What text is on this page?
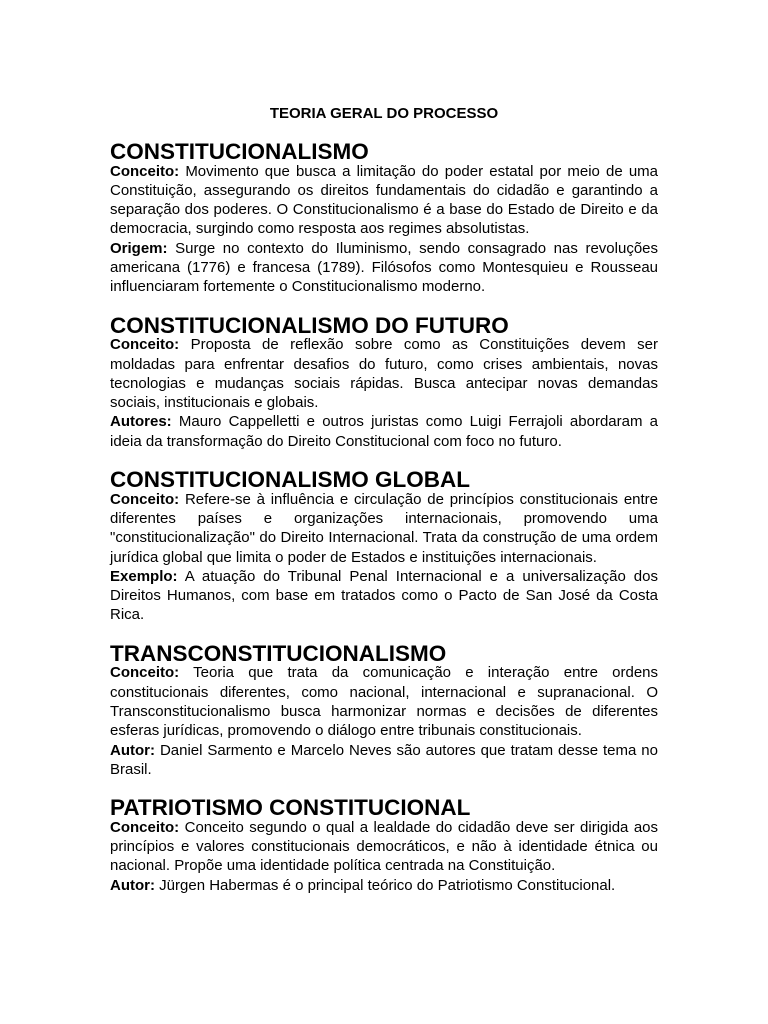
TEORIA GERAL DO PROCESSO
CONSTITUCIONALISMO

Conceito: Movimento que busca a limitação do poder estatal por meio de uma Constituição, assegurando os direitos fundamentais do cidadão e garantindo a separação dos poderes. O Constitucionalismo é a base do Estado de Direito e da democracia, surgindo como resposta aos regimes absolutistas.

Origem: Surge no contexto do Iluminismo, sendo consagrado nas revoluções americana (1776) e francesa (1789). Filósofos como Montesquieu e Rousseau influenciaram fortemente o Constitucionalismo moderno.

CONSTITUCIONALISMO DO FUTURO

Conceito: Proposta de reflexão sobre como as Constituições devem ser moldadas para enfrentar desafios do futuro, como crises ambientais, novas tecnologias e mudanças sociais rápidas. Busca antecipar novas demandas sociais, institucionais e globais.

Autores: Mauro Cappelletti e outros juristas como Luigi Ferrajoli abordaram a ideia da transformação do Direito Constitucional com foco no futuro.

CONSTITUCIONALISMO GLOBAL

Conceito: Refere-se à influência e circulação de princípios constitucionais entre diferentes países e organizações internacionais, promovendo uma "constitucionalização" do Direito Internacional. Trata da construção de uma ordem jurídica global que limita o poder de Estados e instituições internacionais.

Exemplo: A atuação do Tribunal Penal Internacional e a universalização dos Direitos Humanos, com base em tratados como o Pacto de San José da Costa Rica.

TRANSCONSTITUCIONALISMO

Conceito: Teoria que trata da comunicação e interação entre ordens constitucionais diferentes, como nacional, internacional e supranacional. O Transconstitucionalismo busca harmonizar normas e decisões de diferentes esferas jurídicas, promovendo o diálogo entre tribunais constitucionais.

Autor: Daniel Sarmento e Marcelo Neves são autores que tratam desse tema no Brasil.

PATRIOTISMO CONSTITUCIONAL

Conceito: Conceito segundo o qual a lealdade do cidadão deve ser dirigida aos princípios e valores constitucionais democráticos, e não à identidade étnica ou nacional. Propõe uma identidade política centrada na Constituição.

Autor: Jürgen Habermas é o principal teórico do Patriotismo Constitucional.
